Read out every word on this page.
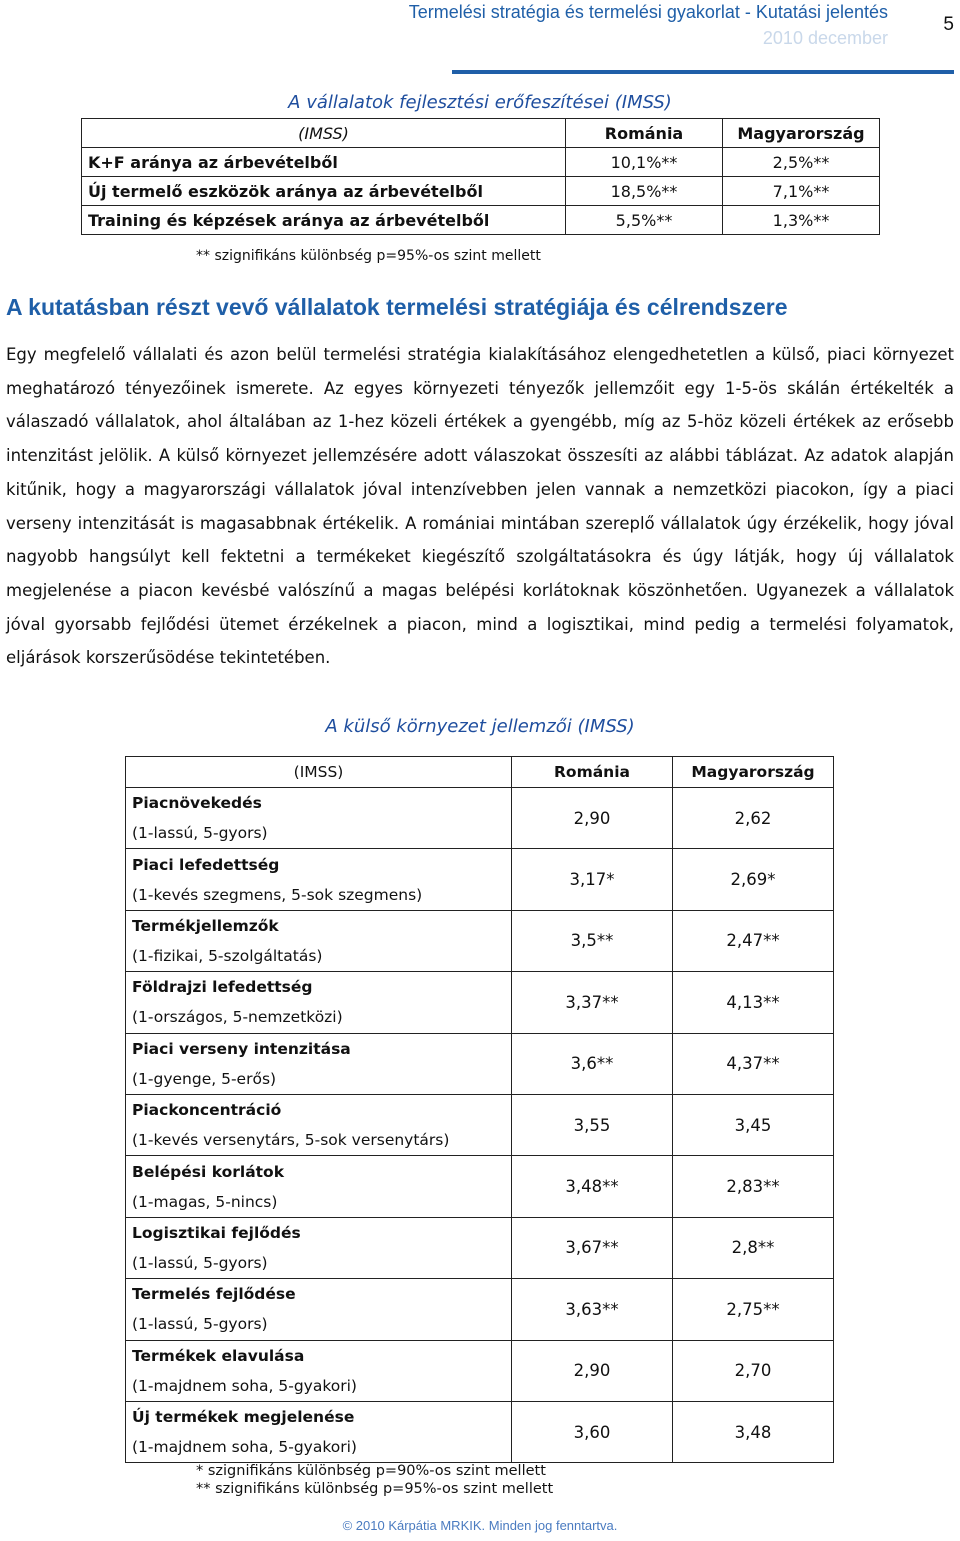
Termelési stratégia és termelési gyakorlat - Kutatási jelentés
2010 december
5
A vállalatok fejlesztési erőfeszítései (IMSS)
(IMSS)	Románia	Magyarország
K+F aránya az árbevételből	10,1%**	2,5%**
Új termelő eszközök aránya az árbevételből	18,5%**	7,1%**
Training és képzések aránya az árbevételből	5,5%**	1,3%**
** szignifikáns különbség p=95%-os szint mellett
A kutatásban részt vevő vállalatok termelési stratégiája és célrendszere
Egy megfelelő vállalati és azon belül termelési stratégia kialakításához elengedhetetlen a külső, piaci környezet meghatározó tényezőinek ismerete. Az egyes környezeti tényezők jellemzőit egy 1-5-ös skálán értékelték a válaszadó vállalatok, ahol általában az 1-hez közeli értékek a gyengébb, míg az 5-höz közeli értékek az erősebb intenzitást jelölik. A külső környezet jellemzésére adott válaszokat összesíti az alábbi táblázat. Az adatok alapján kitűnik, hogy a magyarországi vállalatok jóval intenzívebben jelen vannak a nemzetközi piacokon, így a piaci verseny intenzitását is magasabbnak értékelik. A romániai mintában szereplő vállalatok úgy érzékelik, hogy jóval nagyobb hangsúlyt kell fektetni a termékeket kiegészítő szolgáltatásokra és úgy látják, hogy új vállalatok megjelenése a piacon kevésbé valószínű a magas belépési korlátoknak köszönhetően. Ugyanezek a vállalatok jóval gyorsabb fejlődési ütemet érzékelnek a piacon, mind a logisztikai, mind pedig a termelési folyamatok, eljárások korszerűsödése tekintetében.
A külső környezet jellemzői (IMSS)
(IMSS)	Románia	Magyarország

Piacnövekedés
(1-lassú, 5-gyors)	2,90	2,62

Piaci lefedettség
(1-kevés szegmens, 5-sok szegmens)	3,17*	2,69*

Termékjellemzők
(1-fizikai, 5-szolgáltatás)	3,5**	2,47**

Földrajzi lefedettség
(1-országos, 5-nemzetközi)	3,37**	4,13**

Piaci verseny intenzitása
(1-gyenge, 5-erős)	3,6**	4,37**

Piackoncentráció
(1-kevés versenytárs, 5-sok versenytárs)	3,55	3,45

Belépési korlátok
(1-magas, 5-nincs)	3,48**	2,83**

Logisztikai fejlődés
(1-lassú, 5-gyors)	3,67**	2,8**

Termelés fejlődése
(1-lassú, 5-gyors)	3,63**	2,75**

Termékek elavulása
(1-majdnem soha, 5-gyakori)	2,90	2,70

Új termékek megjelenése
(1-majdnem soha, 5-gyakori)	3,60	3,48
* szignifikáns különbség p=90%-os szint mellett
** szignifikáns különbség p=95%-os szint mellett
© 2010 Kárpátia MRKIK. Minden jog fenntartva.
